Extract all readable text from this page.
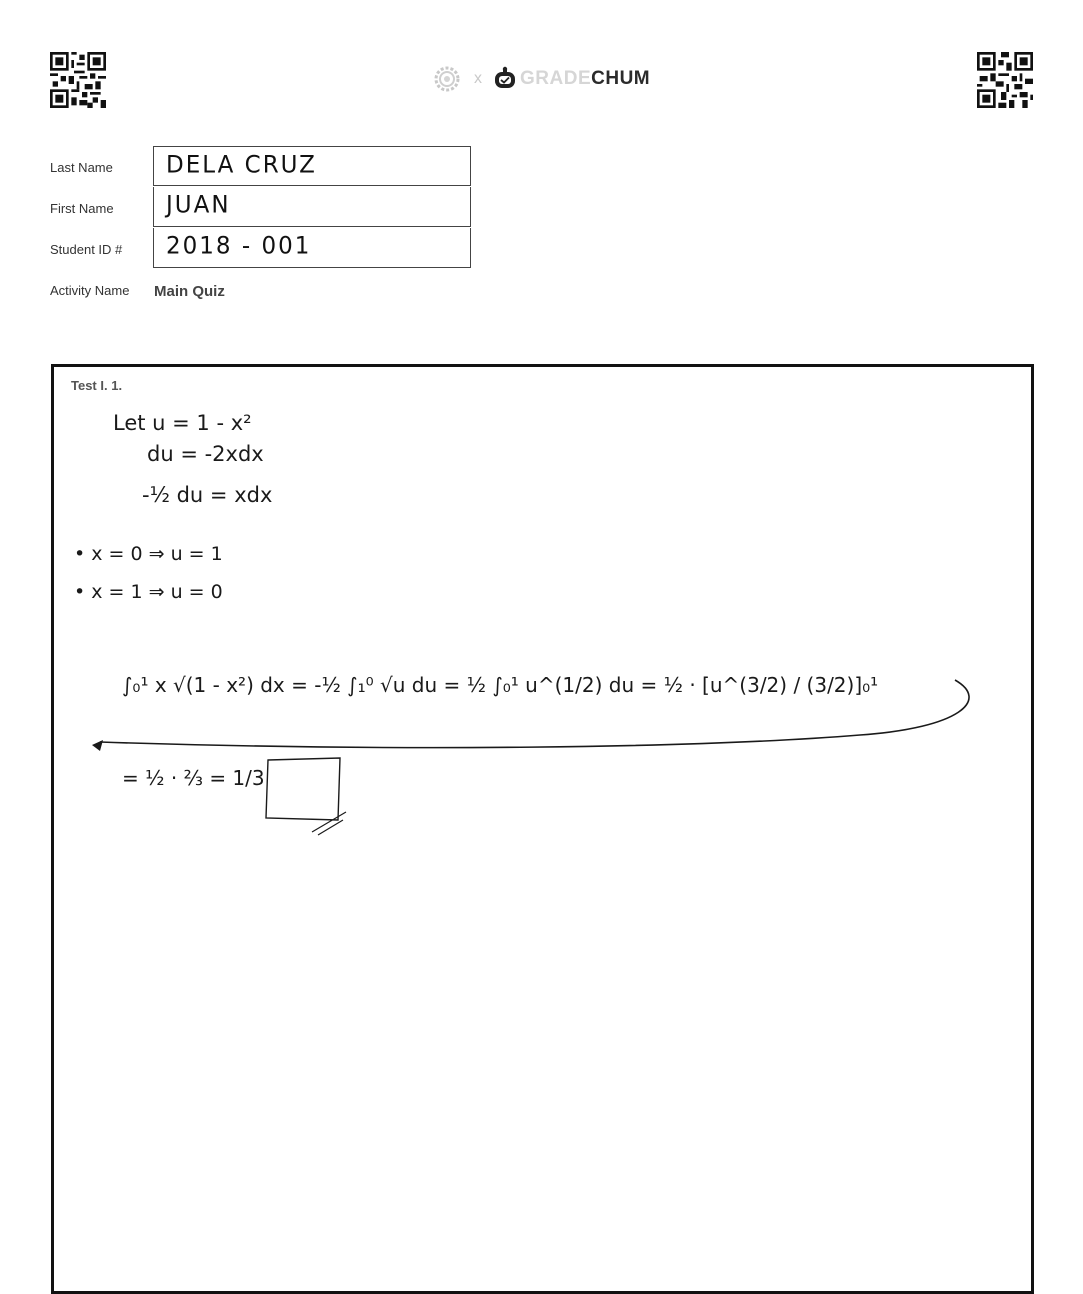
x GRADE CHUM
Last Name DELA CRUZ
First Name JUAN
Student ID # 2018 - 001
Activity Name Main Quiz
Test I. 1.
Let u = 1 - x²
du = -2xdx
-½ du = xdx
• x = 0 ⇒ u = 1
• x = 1 ⇒ u = 0
∫₀¹ x √(1 - x²) dx = -½ ∫₁⁰ √u du = ½ ∫₀¹ u^(1/2) du = ½ · [u^(3/2) / (3/2)]₀¹
= ½ · ⅔ = 1/3
